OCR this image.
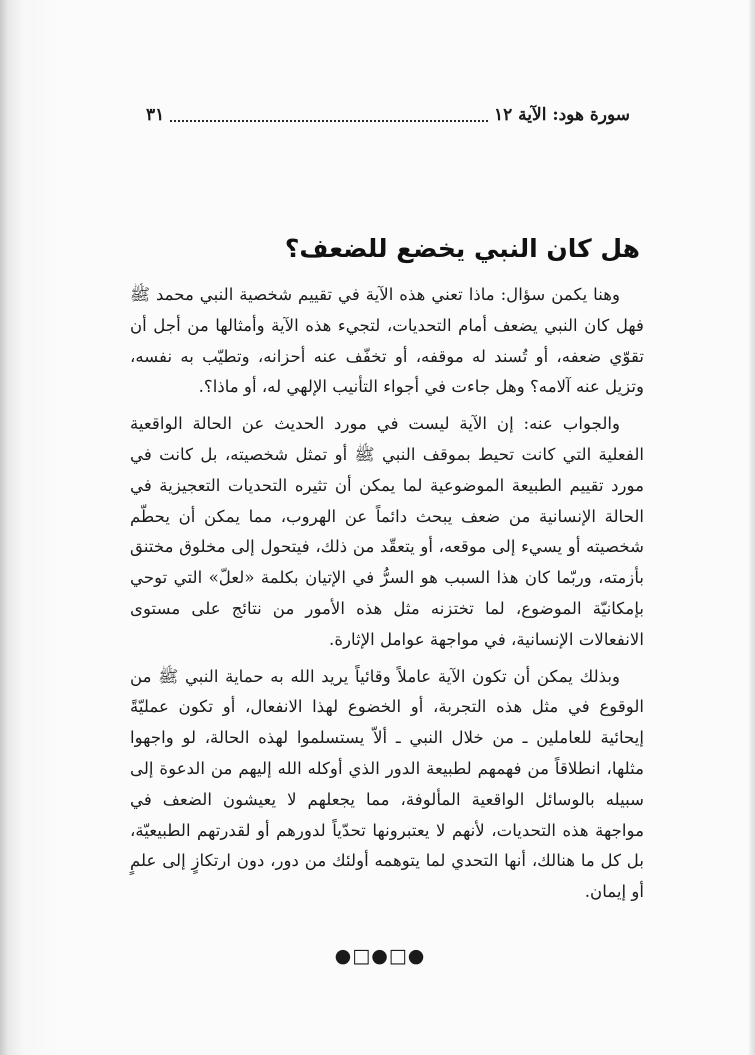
سورة هود: الآية ١٢
٣١
هل كان النبي يخضع للضعف؟

وهنا يكمن سؤال: ماذا تعني هذه الآية في تقييم شخصية النبي محمد ﷺ فهل كان النبي يضعف أمام التحديات، لتجيء هذه الآية وأمثالها من أجل أن تقوّي ضعفه، أو تُسند له موقفه، أو تخفّف عنه أحزانه، وتطيّب به نفسه، وتزيل عنه آلامه؟ وهل جاءت في أجواء التأنيب الإلهي له، أو ماذا؟.

والجواب عنه: إن الآية ليست في مورد الحديث عن الحالة الواقعية الفعلية التي كانت تحيط بموقف النبي ﷺ أو تمثل شخصيته، بل كانت في مورد تقييم الطبيعة الموضوعية لما يمكن أن تثيره التحديات التعجيزية في الحالة الإنسانية من ضعف يبحث دائماً عن الهروب، مما يمكن أن يحطّم شخصيته أو يسيء إلى موقعه، أو يتعقّد من ذلك، فيتحول إلى مخلوق مختنق بأزمته، وربّما كان هذا السبب هو السرُّ في الإتيان بكلمة «لعلّ» التي توحي بإمكانيّة الموضوع، لما تختزنه مثل هذه الأمور من نتائج على مستوى الانفعالات الإنسانية، في مواجهة عوامل الإثارة.

وبذلك يمكن أن تكون الآية عاملاً وقائياً يريد الله به حماية النبي ﷺ من الوقوع في مثل هذه التجربة، أو الخضوع لهذا الانفعال، أو تكون عمليّةً إيحائية للعاملين ـ من خلال النبي ـ ألاّ يستسلموا لهذه الحالة، لو واجهوا مثلها، انطلاقاً من فهمهم لطبيعة الدور الذي أوكله الله إليهم من الدعوة إلى سبيله بالوسائل الواقعية المألوفة، مما يجعلهم لا يعيشون الضعف في مواجهة هذه التحديات، لأنهم لا يعتبرونها تحدّياً لدورهم أو لقدرتهم الطبيعيّة، بل كل ما هنالك، أنها التحدي لما يتوهمه أولئك من دور، دون ارتكازٍ إلى علمٍ أو إيمان.

●□●□●
